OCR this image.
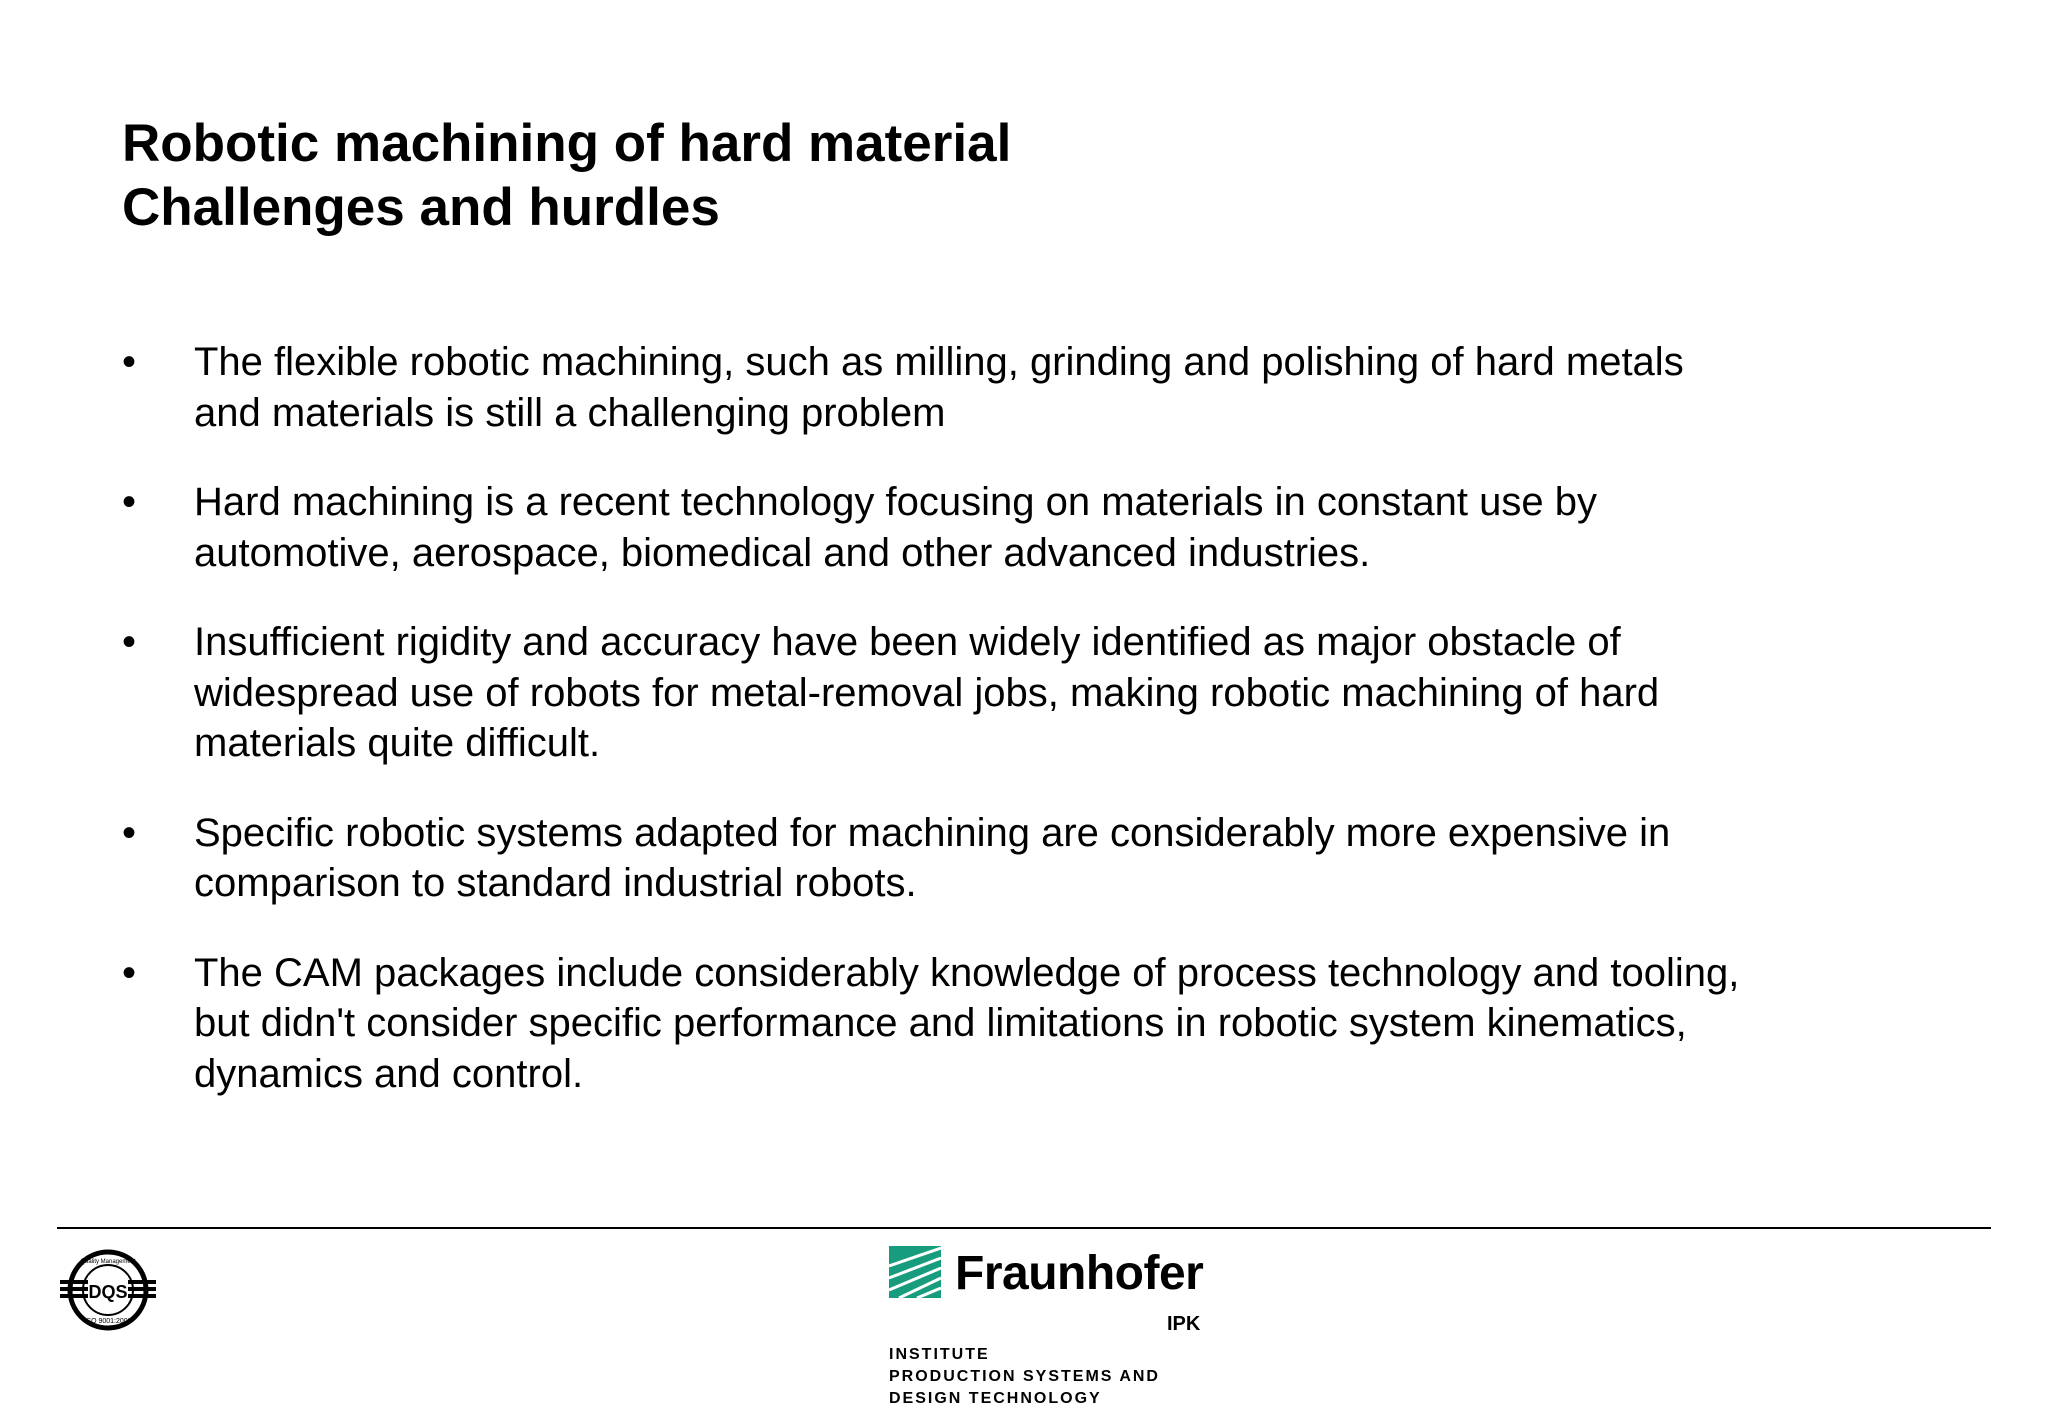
Robotic machining of hard material
Challenges and hurdles
•	The flexible robotic machining, such as milling, grinding and polishing of hard metals
and materials is still a challenging problem
•	Hard machining is a recent technology focusing on materials in constant use by
automotive, aerospace, biomedical and other advanced industries.
•	Insufficient rigidity and accuracy have been widely identified as major obstacle of
widespread use of robots for metal-removal jobs, making robotic machining of hard
materials quite difficult.
•	Specific robotic systems adapted for machining are considerably more expensive in
comparison to standard industrial robots.
•	The CAM packages include considerably knowledge of process technology and tooling,
but didn't consider specific performance and limitations in robotic system kinematics,
dynamics and control.
DQS
Quality Management
ISO 9001:2008
Fraunhofer
IPK
INSTITUTE
PRODUCTION SYSTEMS AND
DESIGN TECHNOLOGY
